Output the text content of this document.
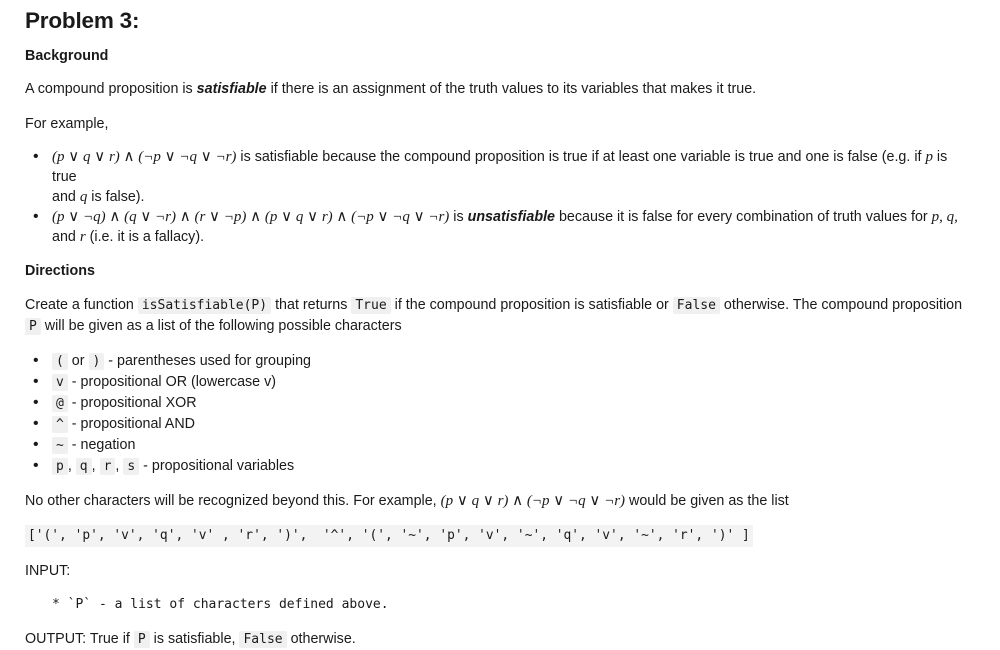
Problem 3:
Background

A compound proposition is satisfiable if there is an assignment of the truth values to its variables that makes it true.

For example,

• (p ∨ q ∨ r) ∧ (¬p ∨ ¬q ∨ ¬r) is satisfiable because the compound proposition is true if at least one variable is true and one is false (e.g. if p is true
and q is false).
• (p ∨ ¬q) ∧ (q ∨ ¬r) ∧ (r ∨ ¬p) ∧ (p ∨ q ∨ r) ∧ (¬p ∨ ¬q ∨ ¬r) is unsatisfiable because it is false for every combination of truth values for p, q,
and r (i.e. it is a fallacy).
Directions

Create a function isSatisfiable(P) that returns True if the compound proposition is satisfiable or False otherwise. The compound proposition
P will be given as a list of the following possible characters

• ( or ) - parentheses used for grouping
• v - propositional OR (lowercase v)
• @ - propositional XOR
• ^ - propositional AND
• ~ - negation
• p , q , r , s - propositional variables

No other characters will be recognized beyond this. For example, (p ∨ q ∨ r) ∧ (¬p ∨ ¬q ∨ ¬r) would be given as the list

['(', 'p', 'v', 'q', 'v' , 'r', ')',  '^', '(', '~', 'p', 'v', '~', 'q', 'v', '~', 'r', ')' ]

INPUT:

* `P` - a list of characters defined above.

OUTPUT: True if P is satisfiable, False otherwise.
